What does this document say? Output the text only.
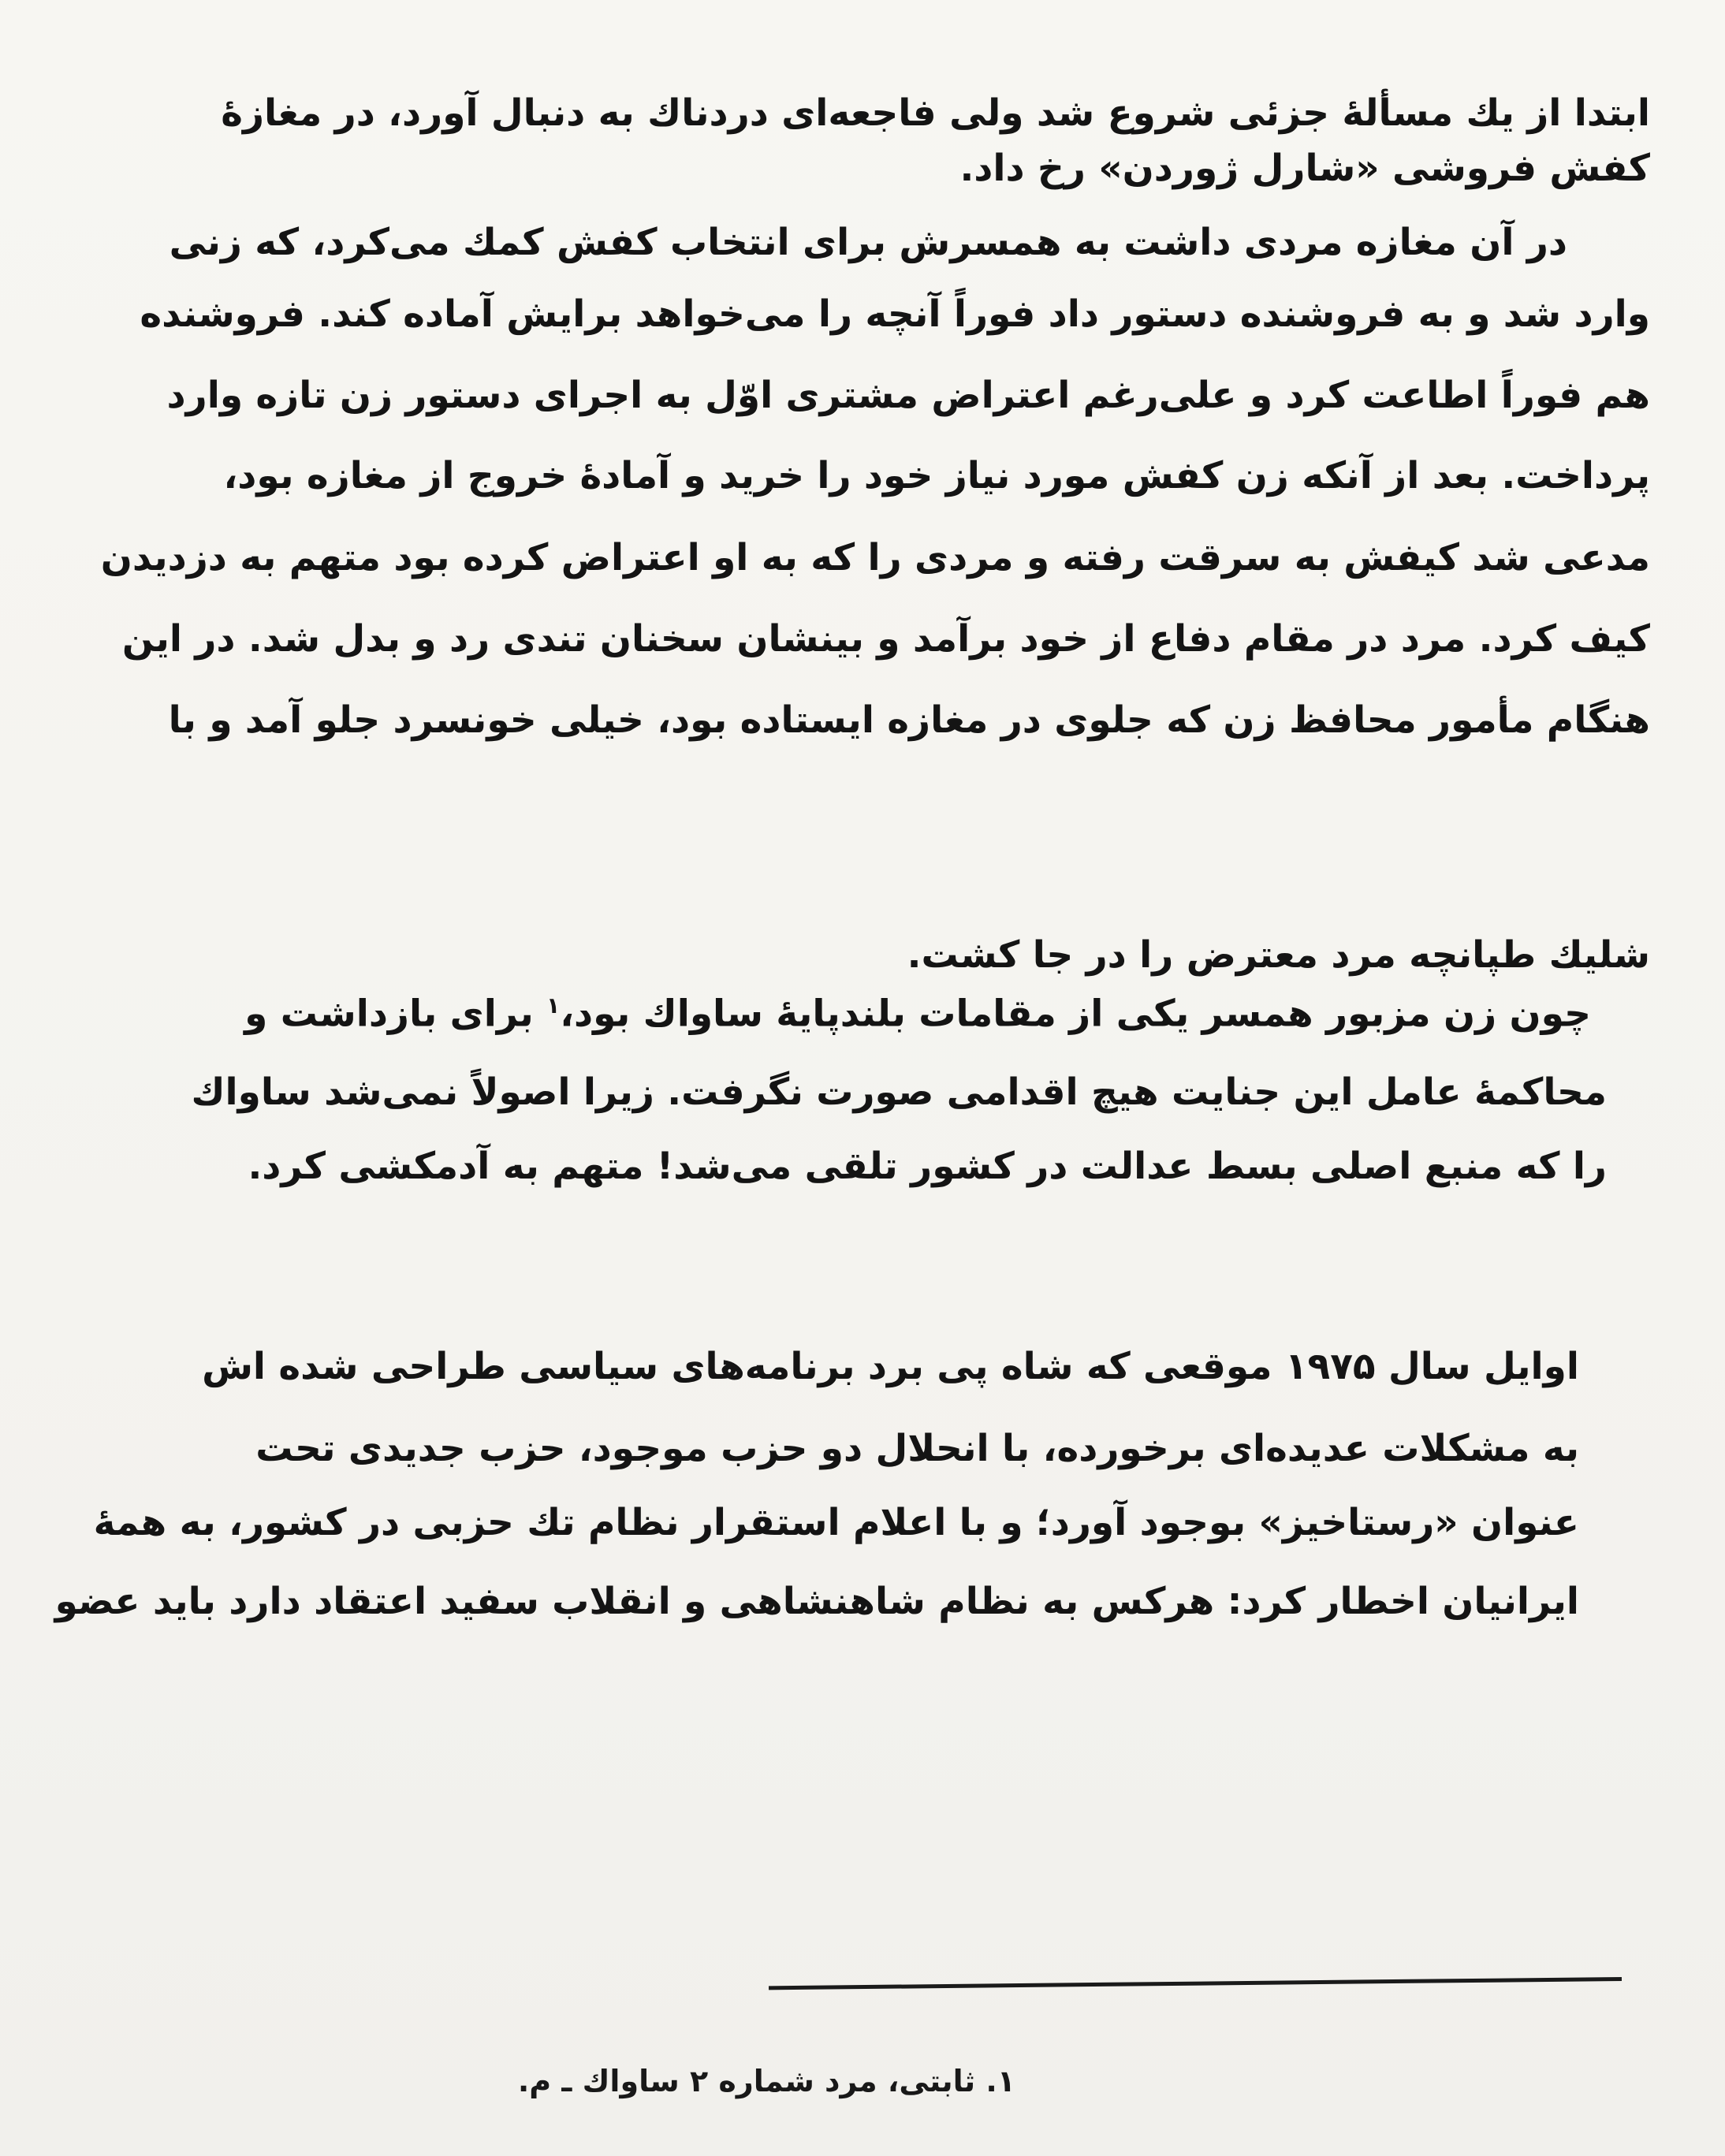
ابتدا از یك مسألهٔ جزئی شروع شد ولی فاجعه‌ای دردناك به دنبال آورد، در مغازهٔ
کفش فروشی «شارل ژوردن» رخ داد.
در آن مغازه مردی داشت به همسرش برای انتخاب کفش کمك می‌کرد، که زنی
وارد شد و به فروشنده دستور داد فوراً آنچه را می‌خواهد برایش آماده کند. فروشنده
هم فوراً اطاعت کرد و علی‌رغم اعتراض مشتری اوّل به اجرای دستور زن تازه وارد
پرداخت. بعد از آنکه زن کفش مورد نیاز خود را خرید و آمادهٔ خروج از مغازه بود،
مدعی شد کیفش به سرقت رفته و مردی را که به او اعتراض کرده بود متهم به دزدیدن
کیف کرد. مرد در مقام دفاع از خود برآمد و بینشان سخنان تندی رد و بدل شد. در این
هنگام مأمور محافظ زن که جلوی در مغازه ایستاده بود، خیلی خونسرد جلو آمد و با
شلیك طپانچه مرد معترض را در جا کشت.
چون زن مزبور همسر یکی از مقامات بلندپایهٔ ساواك بود،$^۱$ برای بازداشت و
محاکمهٔ عامل این جنایت هیچ اقدامی صورت نگرفت. زیرا اصولاً نمی‌شد ساواك
را که منبع اصلی بسط عدالت در کشور تلقی می‌شد! متهم به آدمکشی کرد.
اوایل سال ۱۹۷۵ موقعی که شاه پی برد برنامه‌های سیاسی طراحی شده اش
به مشکلات عدیده‌ای برخورده، با انحلال دو حزب موجود، حزب جدیدی تحت
عنوان «رستاخیز» بوجود آورد؛ و با اعلام استقرار نظام تك حزبی در کشور، به همهٔ
ایرانیان اخطار کرد: هرکس به نظام شاهنشاهی و انقلاب سفید اعتقاد دارد باید عضو
۱. ثابتی، مرد شماره ۲ ساواك ـ م.
